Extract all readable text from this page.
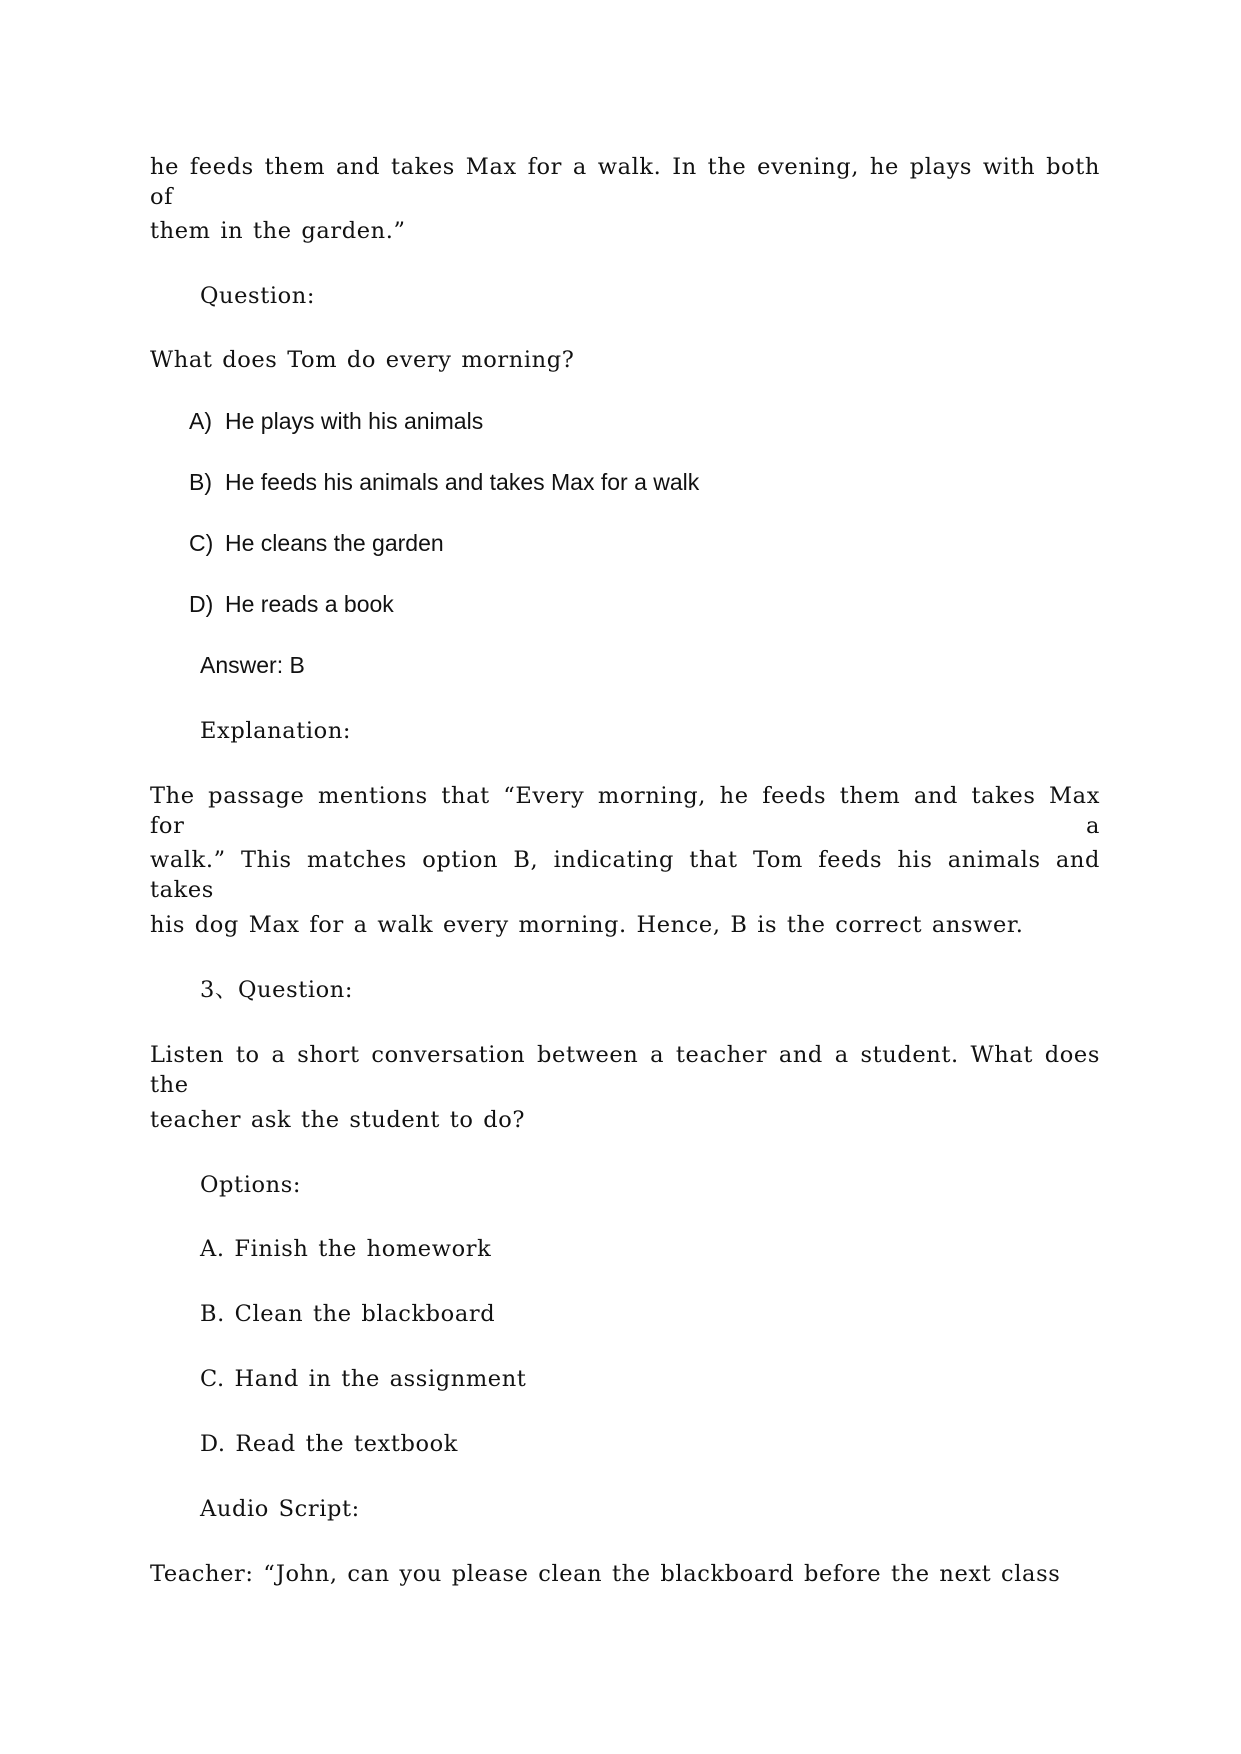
he feeds them and takes Max for a walk. In the evening, he plays with both of
them in the garden.”
Question:
What does Tom do every morning?
A) He plays with his animals
B) He feeds his animals and takes Max for a walk
C) He cleans the garden
D) He reads a book
Answer: B
Explanation:
The passage mentions that “Every morning, he feeds them and takes Max for a
walk.” This matches option B, indicating that Tom feeds his animals and takes
his dog Max for a walk every morning. Hence, B is the correct answer.
3、Question:
Listen to a short conversation between a teacher and a student. What does the
teacher ask the student to do?
Options:
A. Finish the homework
B. Clean the blackboard
C. Hand in the assignment
D. Read the textbook
Audio Script:
Teacher: “John, can you please clean the blackboard before the next class
